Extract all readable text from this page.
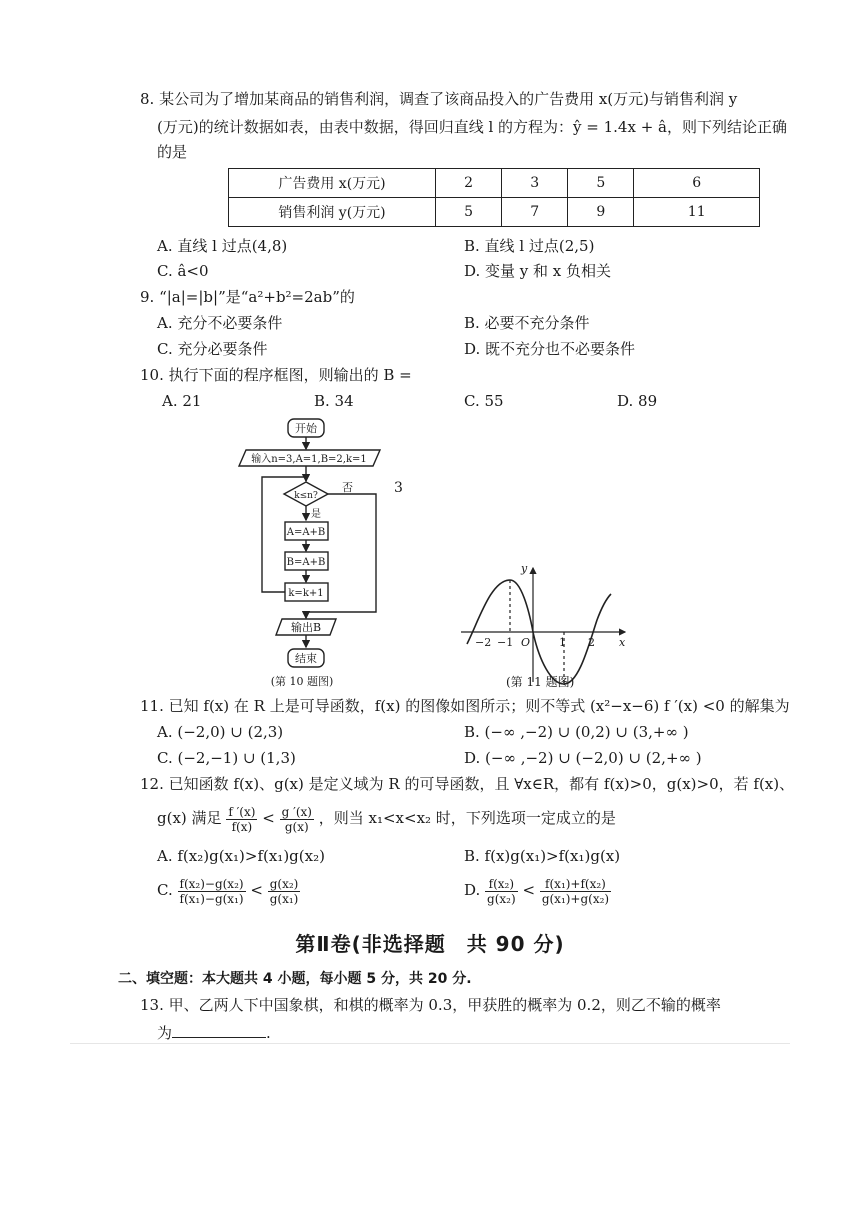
8. 某公司为了增加某商品的销售利润，调查了该商品投入的广告费用 x(万元)与销售利润 y
(万元)的统计数据如表，由表中数据，得回归直线 l 的方程为：ŷ = 1.4x + â，则下列结论正确
的是
广告费用 x(万元)	2	3	5	6
销售利润 y(万元)	5	7	9	11
A. 直线 l 过点(4,8)	B. 直线 l 过点(2,5)
C. â<0	D. 变量 y 和 x 负相关
9. “|a|=|b|”是“a²+b²=2ab”的
A. 充分不必要条件	B. 必要不充分条件
C. 充分必要条件	D. 既不充分也不必要条件
10. 执行下面的程序框图，则输出的 B =
A. 21	B. 34	C. 55	D. 89
开始
输入n=3,A=1,B=2,k=1
k≤n?
否
是
A=A+B
B=A+B
k=k+1
输出B
结束
3
(第 10 题图)
y
x
−2 −1 O	1 2
(第 11 题图)
11. 已知 f(x) 在 R 上是可导函数，f(x) 的图像如图所示；则不等式 (x²−x−6) f ′(x) <0 的解集为
A. (−2,0) ∪ (2,3)	B. (−∞ ,−2) ∪ (0,2) ∪ (3,+∞ )
C. (−2,−1) ∪ (1,3)	D. (−∞ ,−2) ∪ (−2,0) ∪ (2,+∞ )
12. 已知函数 f(x)、g(x) 是定义域为 R 的可导函数，且 ∀x∈R，都有 f(x)>0，g(x)>0，若 f(x)、
g(x) 满足 $\frac{f '(x)}{f(x)} < \frac{g '(x)}{g(x)}$ ，则当 x₁<x<x₂ 时，下列选项一定成立的是
A. f(x₂)g(x₁)>f(x₁)g(x₂)	B. f(x)g(x₁)>f(x₁)g(x)
C. $\frac{\text{f(x₂)−g(x₂)}}{\text{f(x₁)−g(x₁)}} < \frac{\text{g(x₂)}}{\text{g(x₁)}}$	D. $\frac{\text{f(x₂)}}{\text{g(x₂)}} < \frac{\text{f(x₁)+f(x₂)}}{\text{g(x₁)+g(x₂)}}$
第Ⅱ卷(非选择题　共 90 分)
二、填空题：本大题共 4 小题，每小题 5 分，共 20 分.
13. 甲、乙两人下中国象棋，和棋的概率为 0.3，甲获胜的概率为 0.2，则乙不输的概率
为	.
